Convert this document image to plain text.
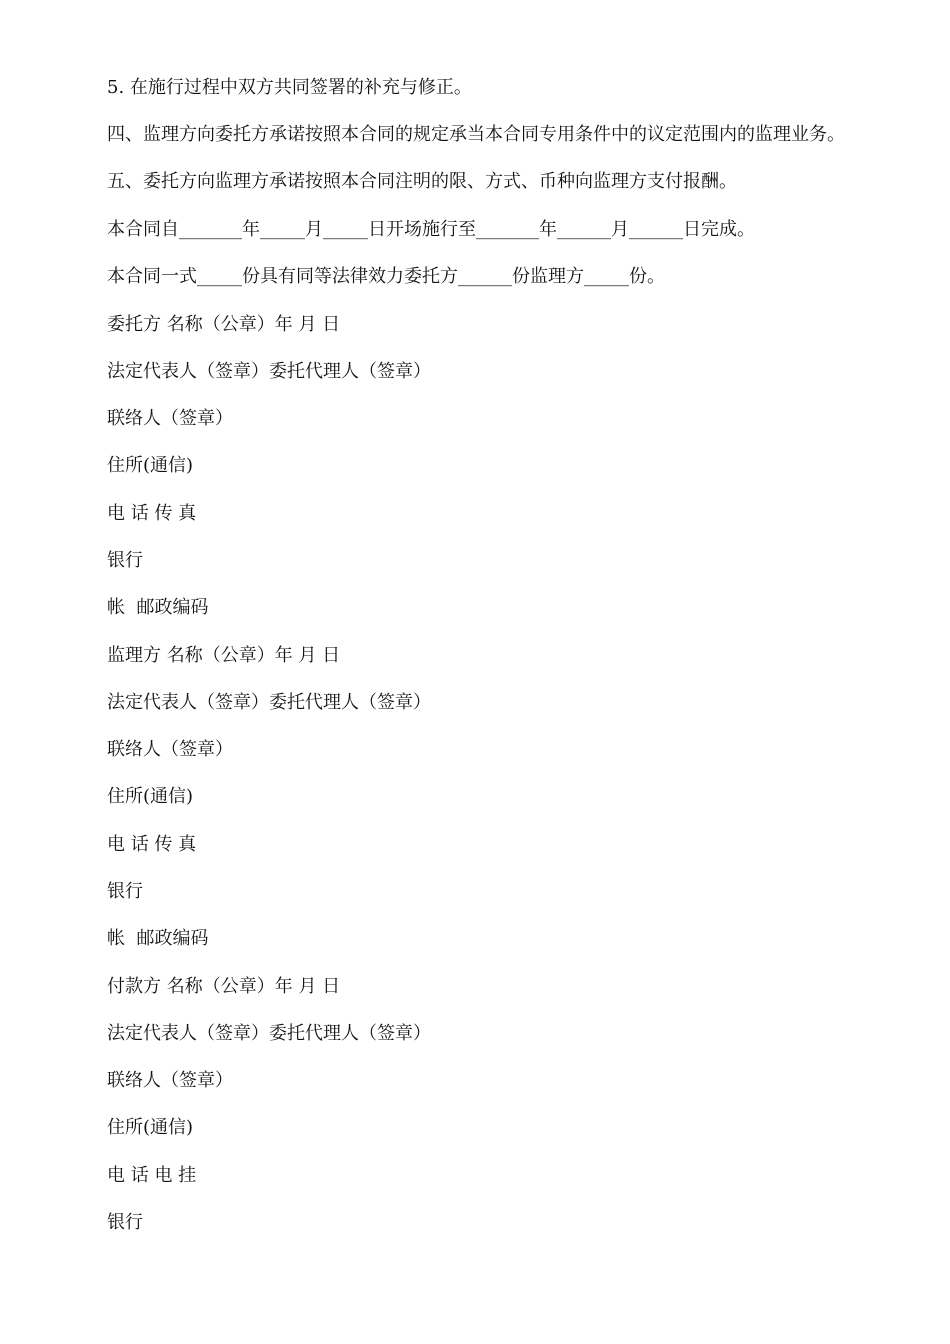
5. 在施行过程中双方共同签署的补充与修正。
四、监理方向委托方承诺按照本合同的规定承当本合同专用条件中的议定范围内的监理业务。
五、委托方向监理方承诺按照本合同注明的限、方式、币种向监理方支付报酬。
本合同自_______年_____月_____日开场施行至_______年______月______日完成。
本合同一式_____份具有同等法律效力委托方______份监理方_____份。
委托方 名称（公章）年 月 日
法定代表人（签章）委托代理人（签章）
联络人（签章）
住所(通信)
电 话 传 真
银行
帐  邮政编码
监理方 名称（公章）年 月 日
法定代表人（签章）委托代理人（签章）
联络人（签章）
住所(通信)
电 话 传 真
银行
帐  邮政编码
付款方 名称（公章）年 月 日
法定代表人（签章）委托代理人（签章）
联络人（签章）
住所(通信)
电 话 电 挂
银行
